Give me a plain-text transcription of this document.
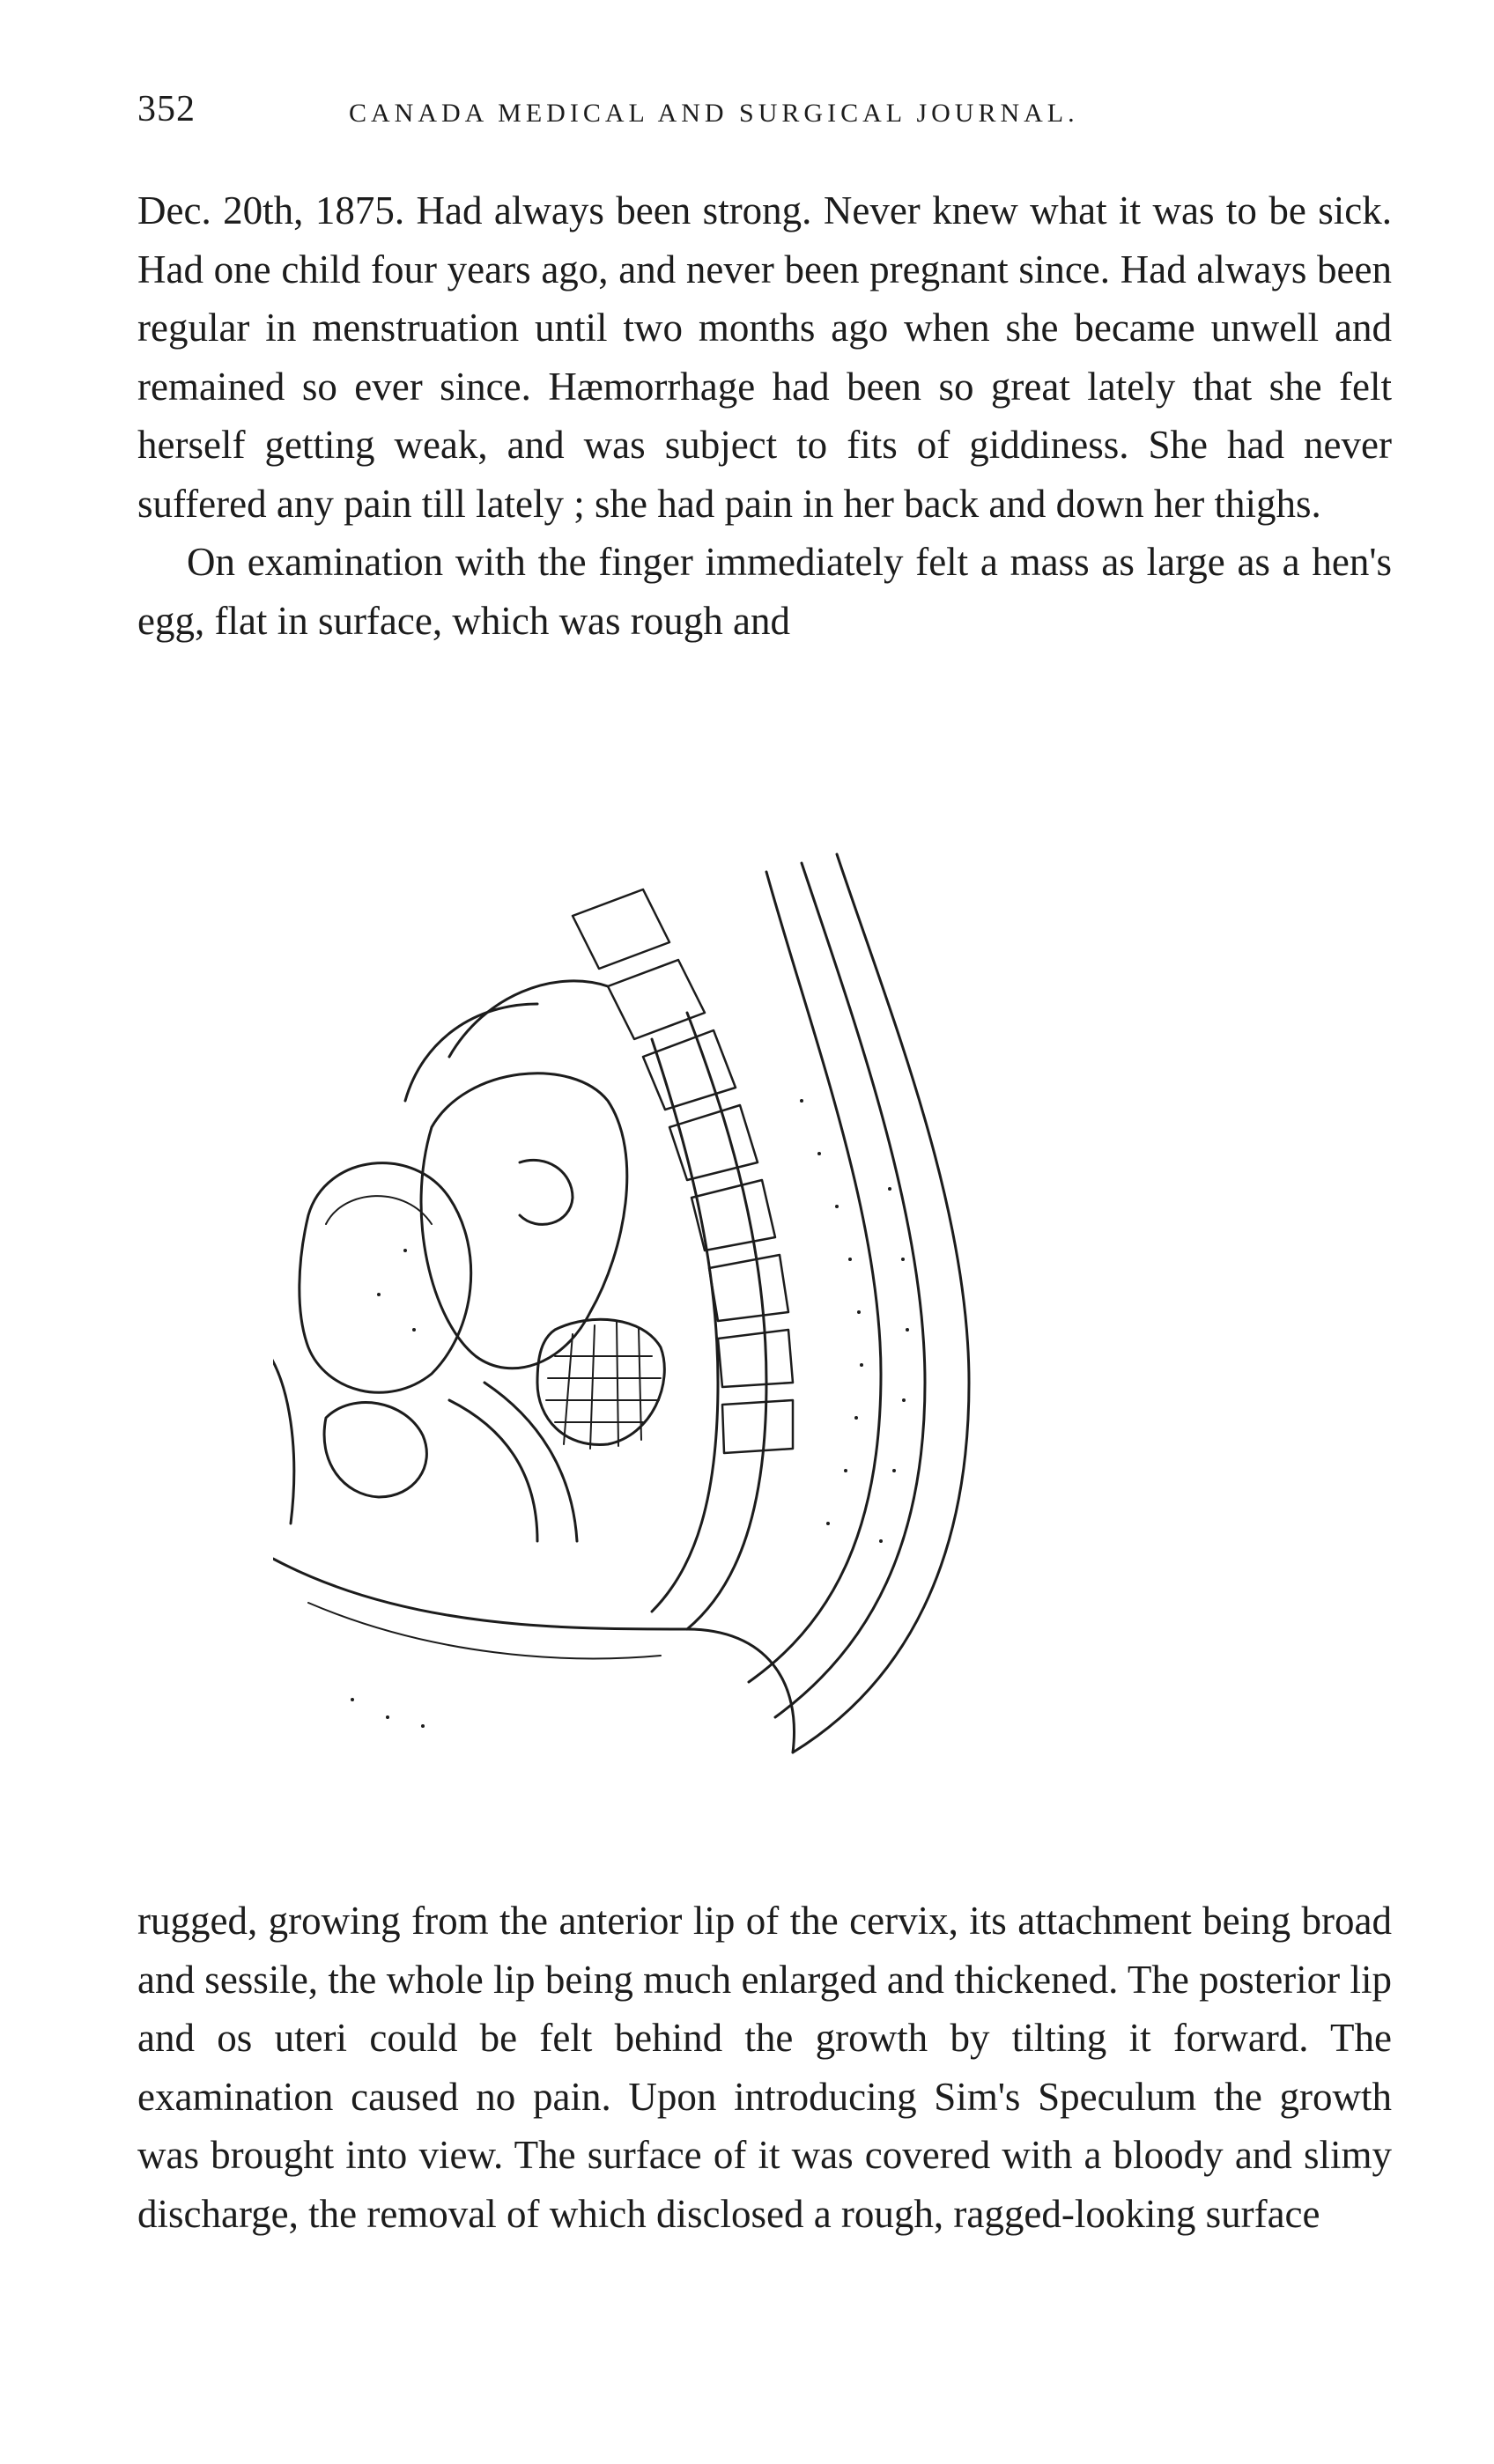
352	CANADA MEDICAL AND SURGICAL JOURNAL.

Dec. 20th, 1875. Had always been strong. Never knew what it was to be sick. Had one child four years ago, and never been pregnant since. Had always been regular in menstruation until two months ago when she became unwell and remained so ever since. Hæmorrhage had been so great lately that she felt herself getting weak, and was subject to fits of giddiness. She had never suffered any pain till lately ; she had pain in her back and down her thighs.

On examination with the finger immediately felt a mass as large as a hen's egg, flat in surface, which was rough and

rugged, growing from the anterior lip of the cervix, its attachment being broad and sessile, the whole lip being much enlarged and thickened. The posterior lip and os uteri could be felt behind the growth by tilting it forward. The examination caused no pain. Upon introducing Sim's Speculum the growth was brought into view. The surface of it was covered with a bloody and slimy discharge, the removal of which disclosed a rough, ragged-looking surface
